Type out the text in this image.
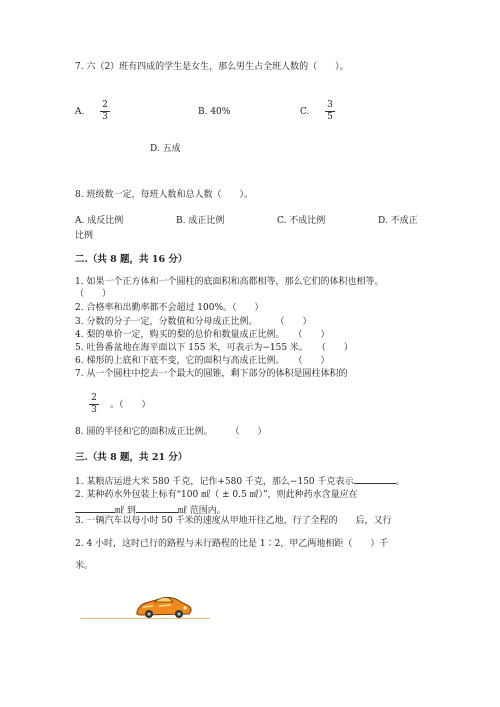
7. 六（2）班有四成的学生是女生，那么男生占全班人数的（　　）。
A.
2
3	B. 40%	C.
3
5
D. 五成
8. 班级数一定，每班人数和总人数（　　）。
A. 成反比例	B. 成正比例	C. 不成比例	D. 不成正
比例
二.（共 8 题，共 16 分）
1. 如果一个正方体和一个圆柱的底面积和高都相等，那么它们的体积也相等。
（　　）
2. 合格率和出勤率都不会超过 100%。（　　）
3. 分数的分子一定，分数值和分母成正比例。　　　（　　）
4. 梨的单价一定，购买的梨的总价和数量成正比例。　　（　　）
5. 吐鲁番盆地在海平面以下 155 米，可表示为−155 米。　　（　　）
6. 梯形的上底和下底不变，它的面积与高成正比例。　　（　　）
7. 从一个圆柱中挖去一个最大的圆锥，剩下部分的体积是圆柱体积的
2
3	。（　　）
8. 圆的半径和它的面积成正比例。　　　（　　）
三.（共 8 题，共 21 分）
1. 某粮店运进大米 580 千克，记作+580 千克，那么−150 千克表示	。
2. 某种药水外包装上标有“100 ㎖（ ± 0.5 ㎖）”，则此种药水含量应在
㎖ 到	㎖ 范围内。
3. 一辆汽车以每小时 50 千米的速度从甲地开往乙地，行了全程的　　后，又行
2. 4 小时，这时已行的路程与未行路程的比是 1∶2，甲乙两地相距（　　）千
米。
